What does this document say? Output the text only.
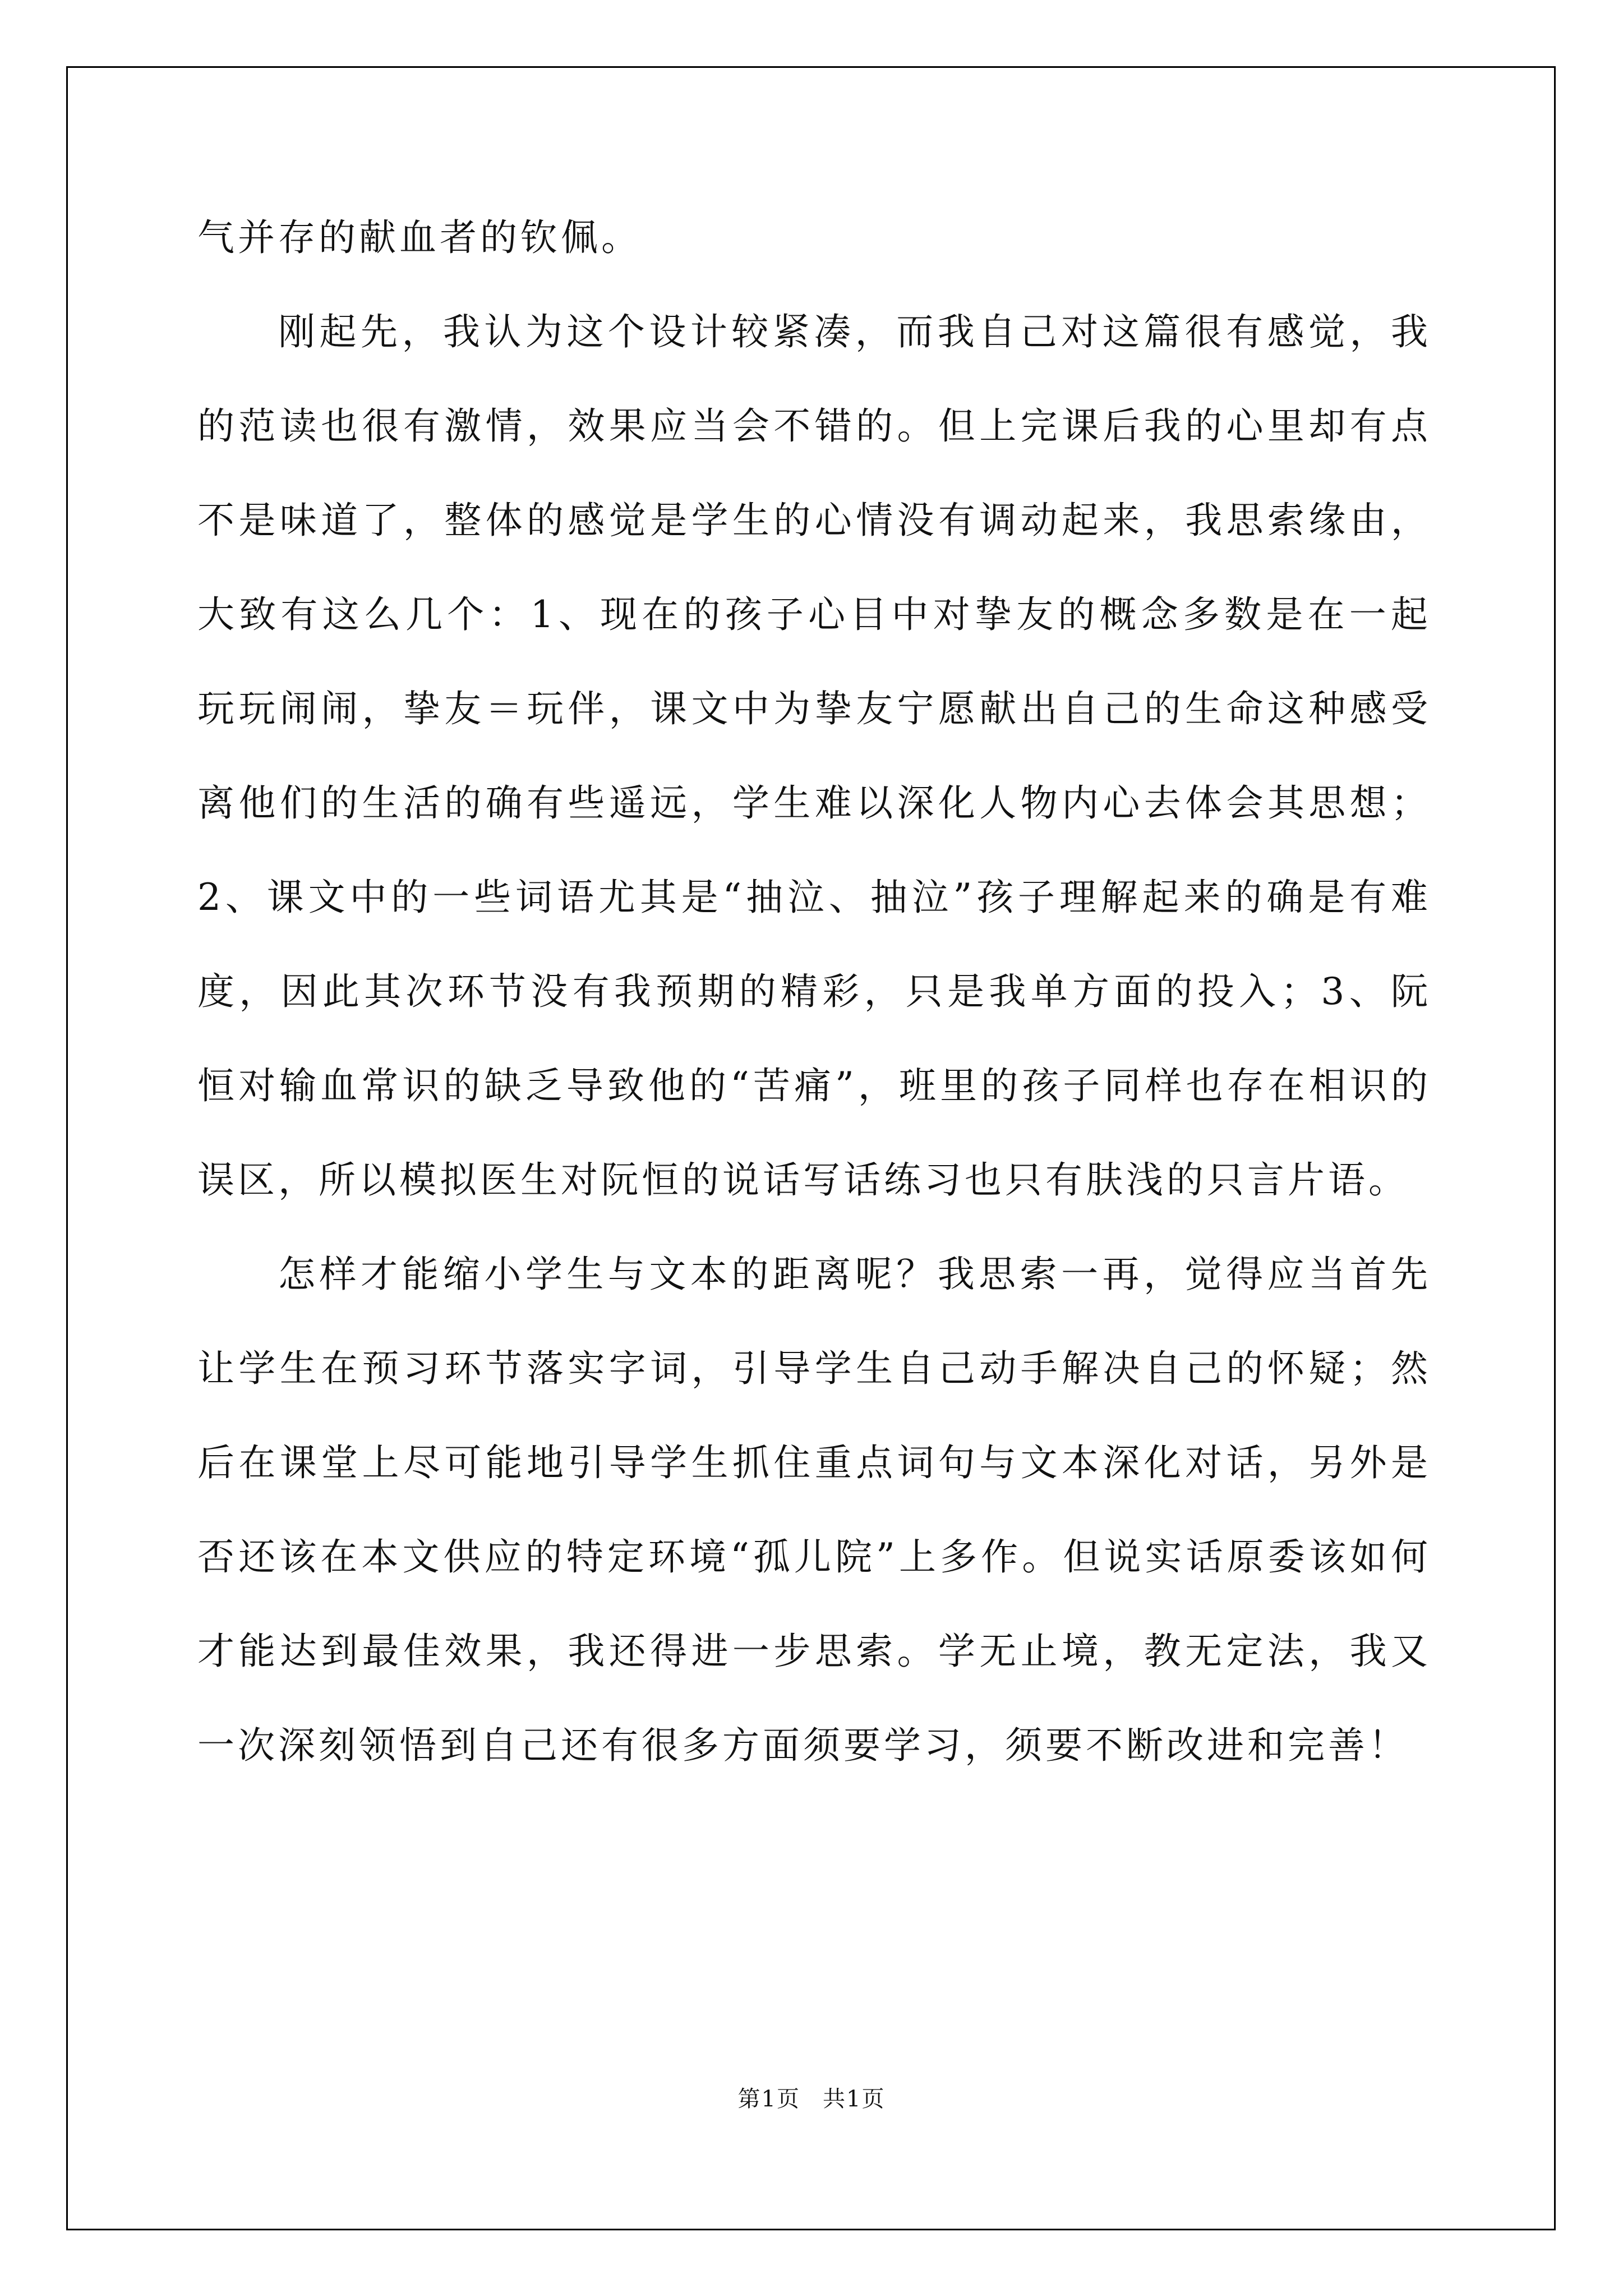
气并存的献血者的钦佩。

刚起先，我认为这个设计较紧凑，而我自己对这篇很有感觉，我的范读也很有激情，效果应当会不错的。但上完课后我的心里却有点不是味道了，整体的感觉是学生的心情没有调动起来，我思索缘由，大致有这么几个：1、现在的孩子心目中对挚友的概念多数是在一起玩玩闹闹，挚友＝玩伴，课文中为挚友宁愿献出自己的生命这种感受离他们的生活的确有些遥远，学生难以深化人物内心去体会其思想；2、课文中的一些词语尤其是“抽泣、抽泣”孩子理解起来的确是有难度，因此其次环节没有我预期的精彩，只是我单方面的投入；3、阮恒对输血常识的缺乏导致他的“苦痛”，班里的孩子同样也存在相识的误区，所以模拟医生对阮恒的说话写话练习也只有肤浅的只言片语。

怎样才能缩小学生与文本的距离呢？我思索一再，觉得应当首先让学生在预习环节落实字词，引导学生自己动手解决自己的怀疑；然后在课堂上尽可能地引导学生抓住重点词句与文本深化对话，另外是否还该在本文供应的特定环境“孤儿院”上多作。但说实话原委该如何才能达到最佳效果，我还得进一步思索。学无止境，教无定法，我又一次深刻领悟到自己还有很多方面须要学习，须要不断改进和完善！

第1页 共1页
